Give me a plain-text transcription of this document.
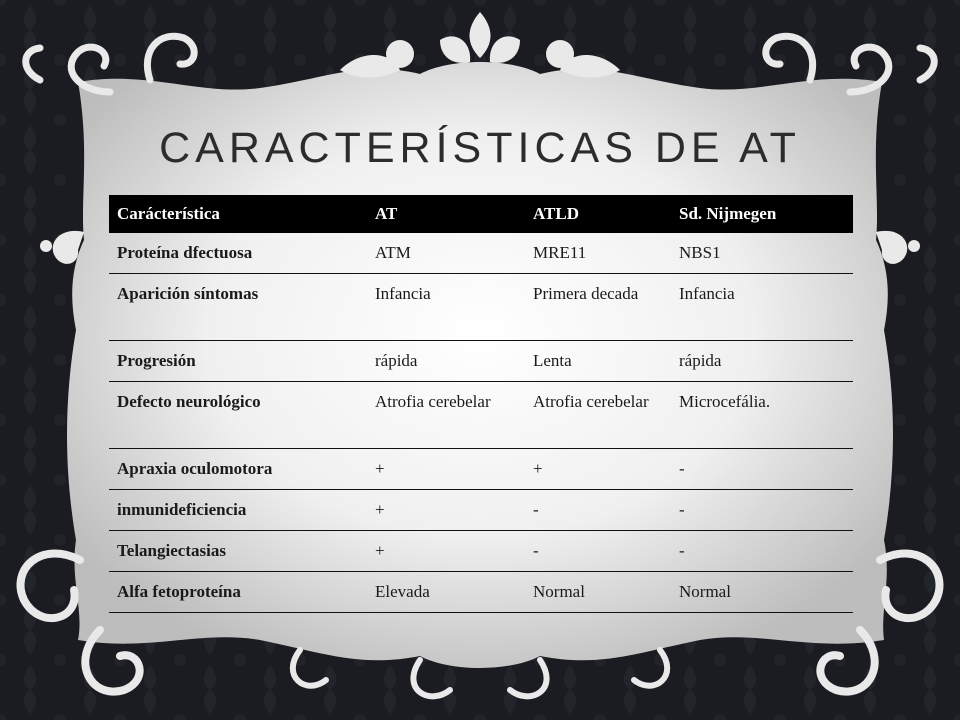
CARACTERÍSTICAS DE AT
Carácterística	AT	ATLD	Sd. Nijmegen
Proteína dfectuosa	ATM	MRE11	NBS1
Aparición síntomas	Infancia	Primera decada	Infancia
Progresión	rápida	Lenta	rápida
Defecto neurológico	Atrofia cerebelar	Atrofia cerebelar	Microcefália.
Apraxia oculomotora	+	+	-
inmunideficiencia	+	-	-
Telangiectasias	+	-	-
Alfa fetoproteína	Elevada	Normal	Normal
